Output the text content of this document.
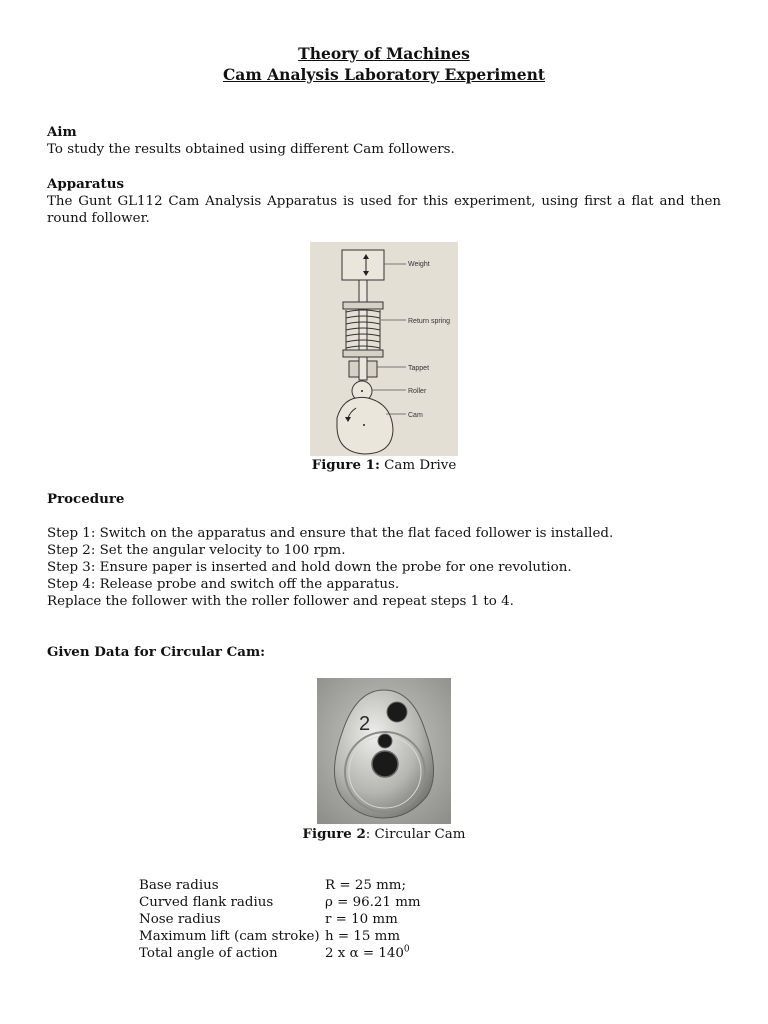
Theory of Machines
Cam Analysis Laboratory Experiment
Aim
To study the results obtained using different Cam followers.
Apparatus
The Gunt GL112 Cam Analysis Apparatus is used for this experiment, using first a flat and then round follower.
Weight
Return spring
Tappet
Roller
Cam
Figure 1: Cam Drive
Procedure
Step 1: Switch on the apparatus and ensure that the flat faced follower is installed.
Step 2: Set the angular velocity to 100 rpm.
Step 3: Ensure paper is inserted and hold down the probe for one revolution.
Step 4: Release probe and switch off the apparatus.
Replace the follower with the roller follower and repeat steps 1 to 4.
Given Data for Circular Cam:
2
Figure 2: Circular Cam
Base radius	R = 25 mm;
Curved flank radius	ρ = 96.21 mm
Nose radius	r = 10 mm
Maximum lift (cam stroke)	h = 15 mm
Total angle of action	2 x $\alpha = 140^0$
